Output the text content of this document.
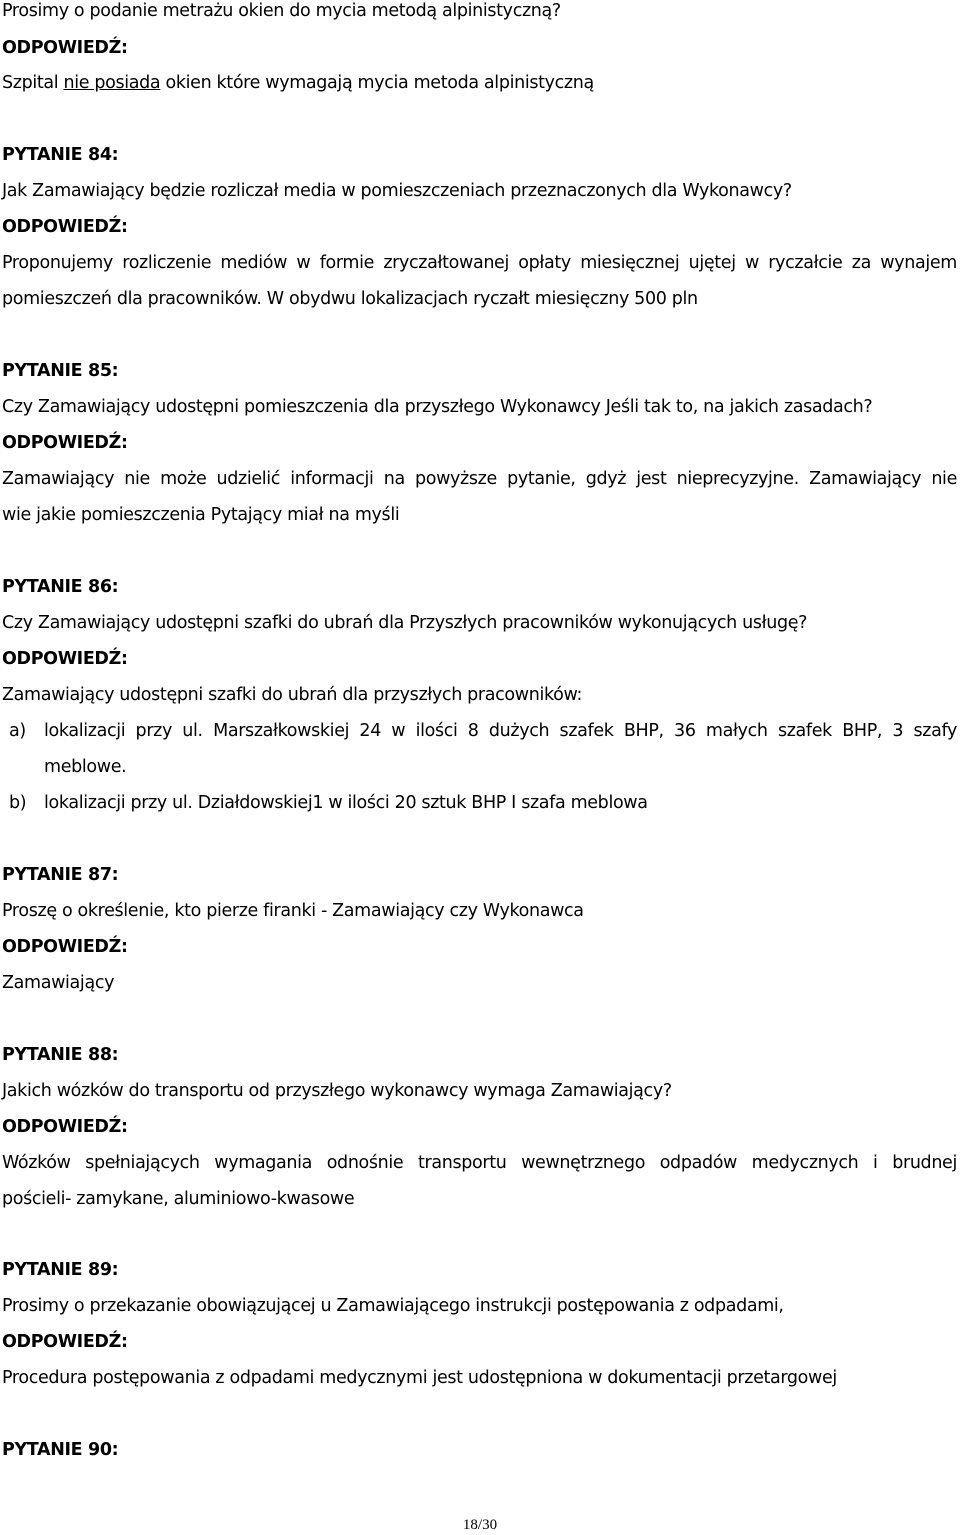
Prosimy o podanie metrażu okien do mycia metodą alpinistyczną?
ODPOWIEDŹ:
Szpital nie posiada okien które wymagają mycia metoda alpinistyczną
PYTANIE 84:
Jak Zamawiający będzie rozliczał media w pomieszczeniach przeznaczonych dla Wykonawcy?
ODPOWIEDŹ:
Proponujemy rozliczenie mediów w formie zryczałtowanej opłaty miesięcznej ujętej w ryczałcie za wynajem
pomieszczeń dla pracowników. W obydwu lokalizacjach ryczałt miesięczny 500 pln
PYTANIE 85:
Czy Zamawiający udostępni pomieszczenia dla przyszłego Wykonawcy Jeśli tak to, na jakich zasadach?
ODPOWIEDŹ:
Zamawiający nie może udzielić informacji na powyższe pytanie, gdyż jest nieprecyzyjne. Zamawiający nie
wie jakie pomieszczenia Pytający miał na myśli
PYTANIE 86:
Czy Zamawiający udostępni szafki do ubrań dla Przyszłych pracowników wykonujących usługę?
ODPOWIEDŹ:
Zamawiający udostępni szafki do ubrań dla przyszłych pracowników:
a) lokalizacji przy ul. Marszałkowskiej 24 w ilości 8 dużych szafek BHP, 36 małych szafek BHP, 3 szafy
meblowe.
b) lokalizacji przy ul. Działdowskiej1 w ilości 20 sztuk BHP I szafa meblowa
PYTANIE 87:
Proszę o określenie, kto pierze firanki - Zamawiający czy Wykonawca
ODPOWIEDŹ:
Zamawiający
PYTANIE 88:
Jakich wózków do transportu od przyszłego wykonawcy wymaga Zamawiający?
ODPOWIEDŹ:
Wózków spełniających wymagania odnośnie transportu wewnętrznego odpadów medycznych i brudnej
pościeli- zamykane, aluminiowo-kwasowe
PYTANIE 89:
Prosimy o przekazanie obowiązującej u Zamawiającego instrukcji postępowania z odpadami,
ODPOWIEDŹ:
Procedura postępowania z odpadami medycznymi jest udostępniona w dokumentacji przetargowej
PYTANIE 90:
18/30
